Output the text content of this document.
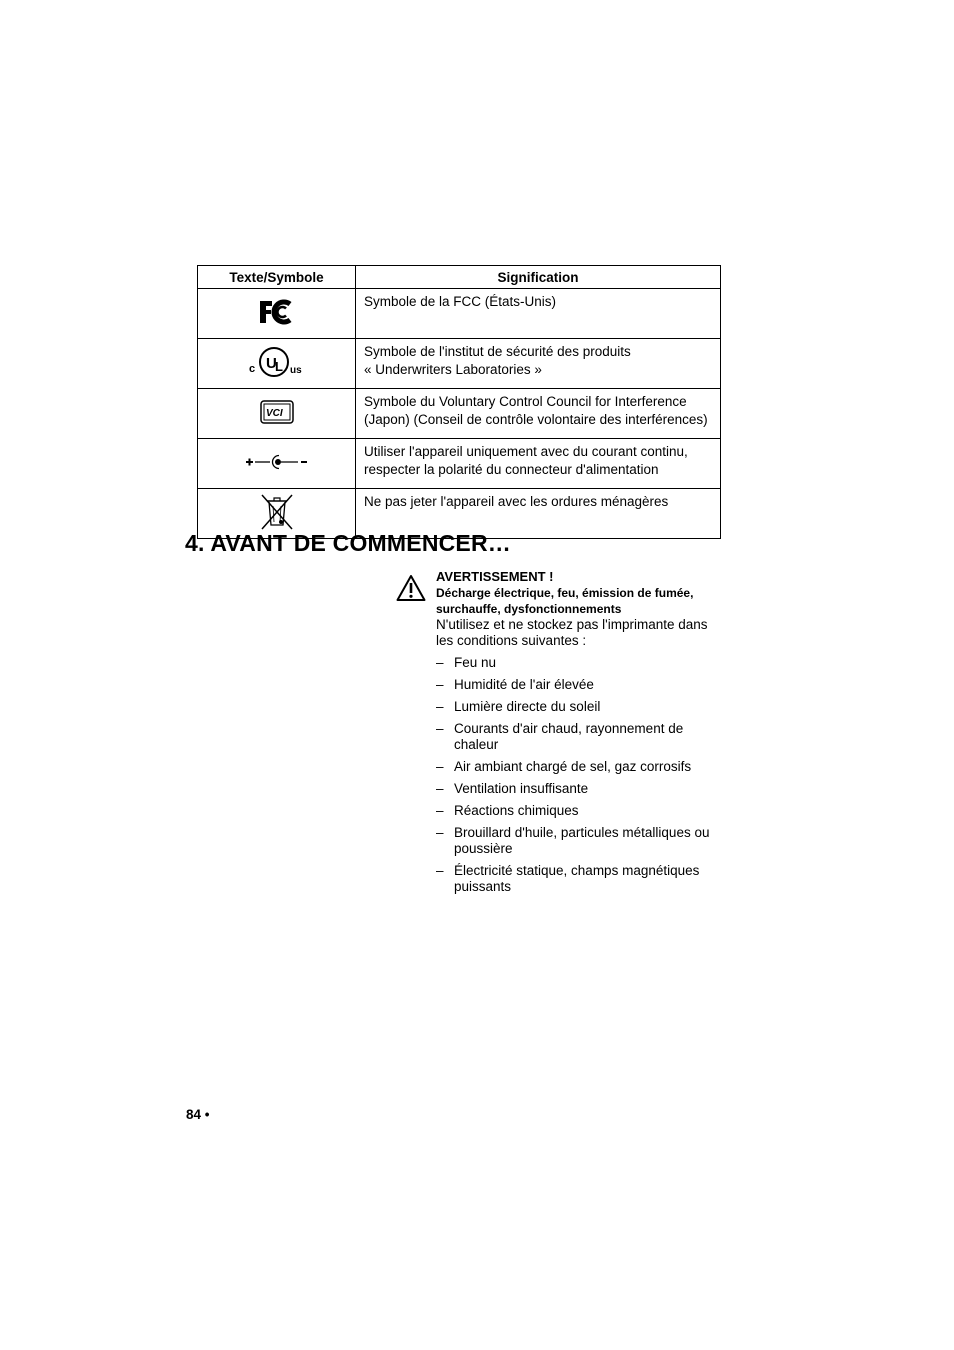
Texte/Symbole	Signification

Symbole de la FCC (États-Unis)

c U
L us	Symbole de l'institut de sécurité des produits
« Underwriters Laboratories »

VCI	Symbole du Voluntary Control Council for Interference
(Japon) (Conseil de contrôle volontaire des interférences)

Utiliser l'appareil uniquement avec du courant continu,
respecter la polarité du connecteur d'alimentation

Ne pas jeter l'appareil avec les ordures ménagères
4. AVANT DE COMMENCER…

AVERTISSEMENT !

Décharge électrique, feu, émission de fumée,
surchauffe, dysfonctionnements

N'utilisez et ne stockez pas l'imprimante dans
les conditions suivantes :

– Feu nu
– Humidité de l'air élevée
– Lumière directe du soleil
– Courants d'air chaud, rayonnement de
chaleur
– Air ambiant chargé de sel, gaz corrosifs
– Ventilation insuffisante
– Réactions chimiques
– Brouillard d'huile, particules métalliques ou
poussière
– Électricité statique, champs magnétiques
puissants
84 •
